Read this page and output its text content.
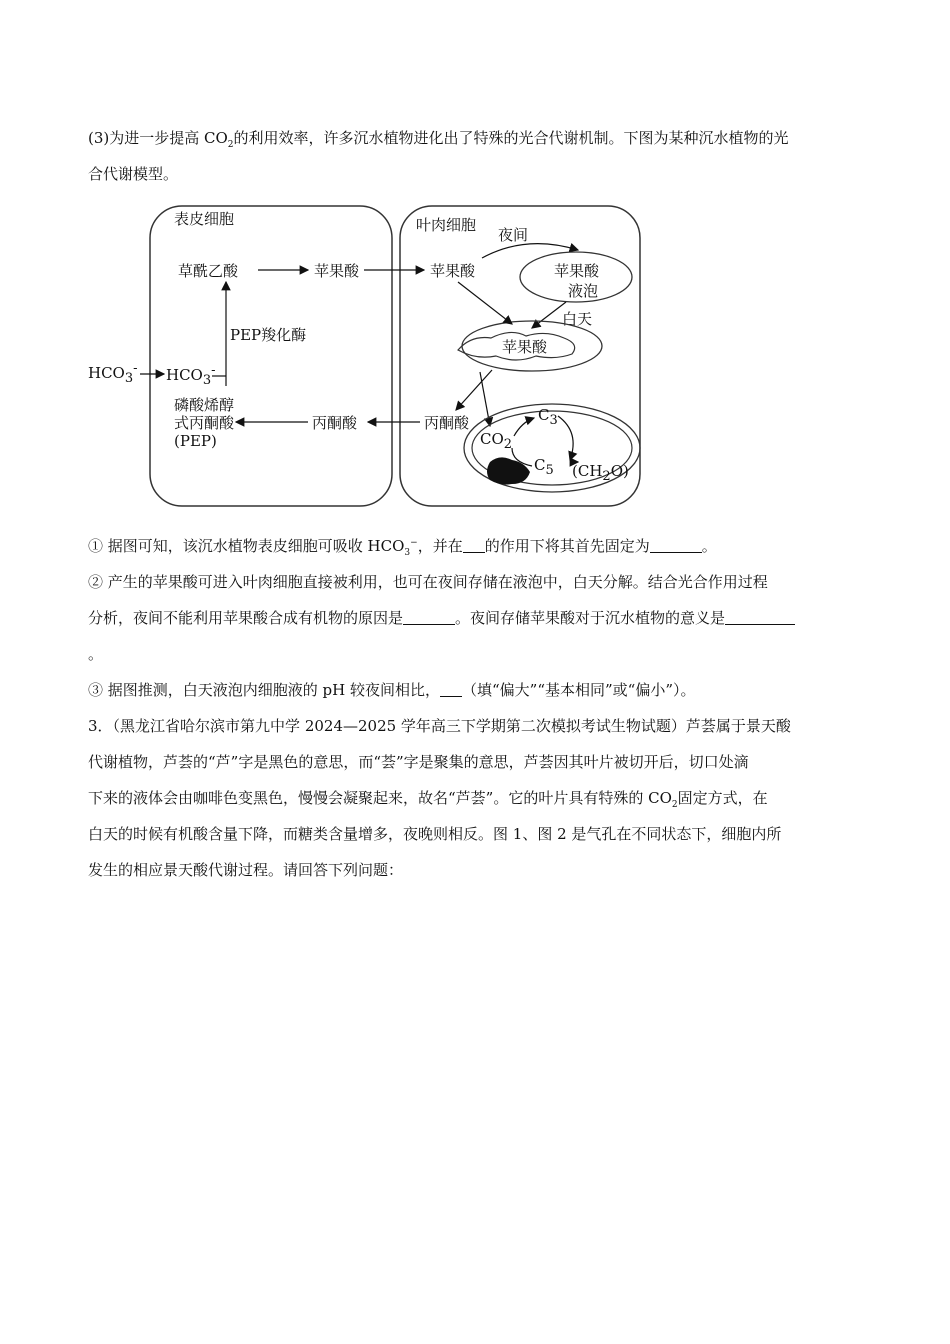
(3)为进一步提高 $CO_2$的利用效率，许多沉水植物进化出了特殊的光合代谢机制。下图为某种沉水植物的光
合代谢模型。
表皮细胞	叶肉细胞
草酰乙酸	苹果酸	苹果酸	苹果酸
液泡
夜间
白天
苹果酸
PEP羧化酶
HCO3- HCO3-
磷酸烯醇
式丙酮酸
(PEP)
丙酮酸	丙酮酸	C3
CO2
C5 (CH2O)
① 据图可知，该沉水植物表皮细胞可吸收 $HCO_3^-$，并在 的作用下将其首先固定为	。
② 产生的苹果酸可进入叶肉细胞直接被利用，也可在夜间存储在液泡中，白天分解。结合光合作用过程
分析，夜间不能利用苹果酸合成有机物的原因是	。夜间存储苹果酸对于沉水植物的意义是
。
③ 据图推测，白天液泡内细胞液的 pH 较夜间相比， （填“偏大”“基本相同”或“偏小”）。
3．（黑龙江省哈尔滨市第九中学 2024—2025 学年高三下学期第二次模拟考试生物试题）芦荟属于景天酸
代谢植物，芦荟的“芦”字是黑色的意思，而“荟”字是聚集的意思，芦荟因其叶片被切开后，切口处滴
下来的液体会由咖啡色变黑色，慢慢会凝聚起来，故名“芦荟”。它的叶片具有特殊的 $CO_2$固定方式，在
白天的时候有机酸含量下降，而糖类含量增多，夜晚则相反。图 1、图 2 是气孔在不同状态下，细胞内所
发生的相应景天酸代谢过程。请回答下列问题：
